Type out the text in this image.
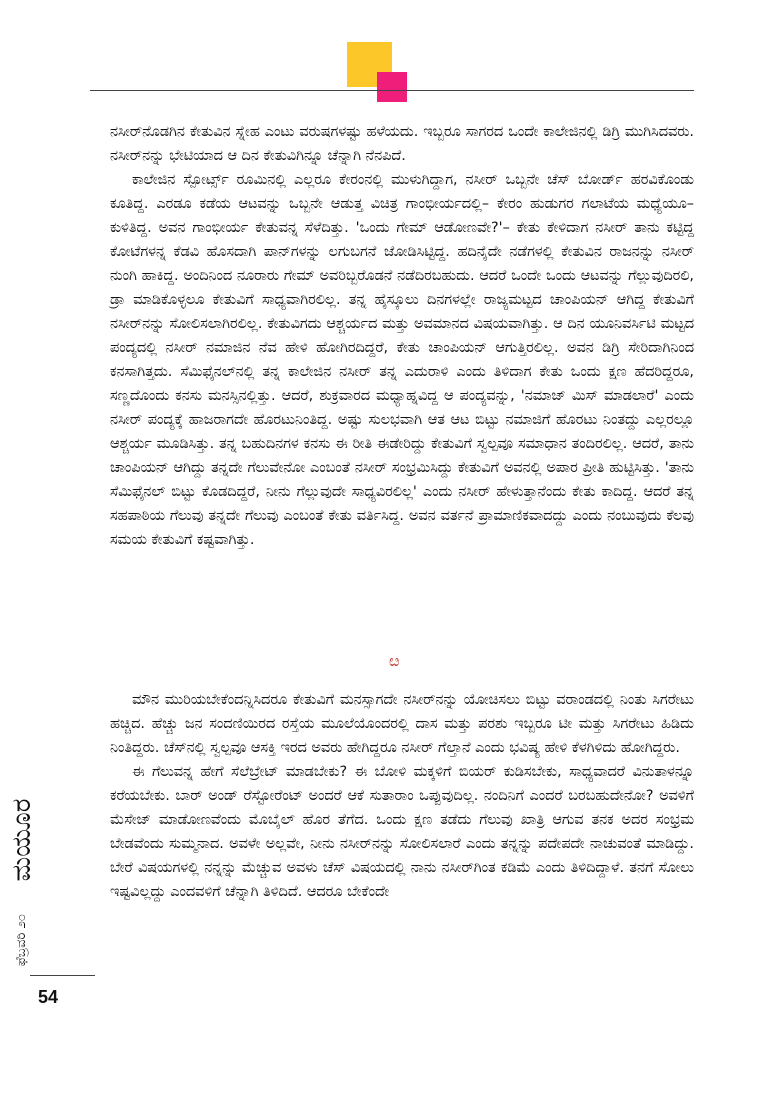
ನಸೀರ್‌ನೊಡಗಿನ ಕೇತುವಿನ ಸ್ನೇಹ ಎಂಟು ವರುಷಗಳಷ್ಟು ಹಳೆಯದು. ಇಬ್ಬರೂ ಸಾಗರದ ಒಂದೇ ಕಾಲೇಜಿನಲ್ಲಿ ಡಿಗ್ರಿ ಮುಗಿಸಿದವರು. ನಸೀರ್‌ನನ್ನು ಭೇಟಿಯಾದ ಆ ದಿನ ಕೇತುವಿಗಿನ್ನೂ ಚೆನ್ನಾಗಿ ನೆನಪಿದೆ.

ಕಾಲೇಜಿನ ಸ್ಪೋರ್ಟ್ಸ್ ರೂಮಿನಲ್ಲಿ ಎಲ್ಲರೂ ಕೇರಂನಲ್ಲಿ ಮುಳುಗಿದ್ದಾಗ, ನಸೀರ್ ಒಬ್ಬನೇ ಚೆಸ್ ಬೋರ್ಡ್ ಹರವಿಕೊಂಡು ಕೂತಿದ್ದ. ಎರಡೂ ಕಡೆಯ ಆಟವನ್ನು ಒಬ್ಬನೇ ಆಡುತ್ತ ವಿಚಿತ್ರ ಗಾಂಭೀರ್ಯದಲ್ಲಿ– ಕೇರಂ ಹುಡುಗರ ಗಲಾಟೆಯ ಮಧ್ಯೆಯೂ– ಕುಳಿತಿದ್ದ. ಅವನ ಗಾಂಭೀರ್ಯ ಕೇತುವನ್ನ ಸೆಳೆದಿತ್ತು. 'ಒಂದು ಗೇಮ್ ಆಡೋಣವೇ?'– ಕೇತು ಕೇಳಿದಾಗ ನಸೀರ್ ತಾನು ಕಟ್ಟಿದ್ದ ಕೋಟೆಗಳನ್ನ ಕೆಡವಿ ಹೊಸದಾಗಿ ಪಾನ್‌ಗಳನ್ನು ಲಗುಬಗನೆ ಜೋಡಿಸಿಟ್ಟಿದ್ದ. ಹದಿನೈದೇ ನಡೆಗಳಲ್ಲಿ ಕೇತುವಿನ ರಾಜನನ್ನು ನಸೀರ್ ನುಂಗಿ ಹಾಕಿದ್ದ. ಅಂದಿನಿಂದ ನೂರಾರು ಗೇಮ್ ಅವರಿಬ್ಬರೊಡನೆ ನಡೆದಿರಬಹುದು. ಆದರೆ ಒಂದೇ ಒಂದು ಆಟವನ್ನು ಗೆಲ್ಲುವುದಿರಲಿ, ಡ್ರಾ ಮಾಡಿಕೊಳ್ಳಲೂ ಕೇತುವಿಗೆ ಸಾಧ್ಯವಾಗಿರಲಿಲ್ಲ. ತನ್ನ ಹೈಸ್ಕೂಲು ದಿನಗಳಲ್ಲೇ ರಾಜ್ಯಮಟ್ಟದ ಚಾಂಪಿಯನ್ ಆಗಿದ್ದ ಕೇತುವಿಗೆ ನಸೀರ್‌ನನ್ನು ಸೋಲಿಸಲಾಗಿರಲಿಲ್ಲ. ಕೇತುವಿಗದು ಆಶ್ಚರ್ಯದ ಮತ್ತು ಅವಮಾನದ ವಿಷಯವಾಗಿತ್ತು. ಆ ದಿನ ಯೂನಿವರ್ಸಿಟಿ ಮಟ್ಟದ ಪಂದ್ಯದಲ್ಲಿ ನಸೀರ್ ನಮಾಜಿನ ನೆವ ಹೇಳಿ ಹೋಗಿರದಿದ್ದರೆ, ಕೇತು ಚಾಂಪಿಯನ್ ಆಗುತ್ತಿರಲಿಲ್ಲ. ಅವನ ಡಿಗ್ರಿ ಸೇರಿದಾಗಿನಿಂದ ಕನಸಾಗಿತ್ತದು. ಸೆಮಿಫೈನಲ್‌ನಲ್ಲಿ ತನ್ನ ಕಾಲೇಜಿನ ನಸೀರ್ ತನ್ನ ಎದುರಾಳಿ ಎಂದು ತಿಳಿದಾಗ ಕೇತು ಒಂದು ಕ್ಷಣ ಹೆದರಿದ್ದರೂ, ಸಣ್ಣದೊಂದು ಕನಸು ಮನಸ್ಸಿನಲ್ಲಿತ್ತು. ಆದರೆ, ಶುಕ್ರವಾರದ ಮಧ್ಯಾಹ್ನವಿದ್ದ ಆ ಪಂದ್ಯವನ್ನು, 'ನಮಾಜ್ ಮಿಸ್ ಮಾಡಲಾರೆ' ಎಂದು ನಸೀರ್ ಪಂದ್ಯಕ್ಕೆ ಹಾಜರಾಗದೇ ಹೊರಟುನಿಂತಿದ್ದ. ಅಷ್ಟು ಸುಲಭವಾಗಿ ಆತ ಆಟ ಬಿಟ್ಟು ನಮಾಜಿಗೆ ಹೊರಟು ನಿಂತದ್ದು ಎಲ್ಲರಲ್ಲೂ ಆಶ್ಚರ್ಯ ಮೂಡಿಸಿತ್ತು. ತನ್ನ ಬಹುದಿನಗಳ ಕನಸು ಈ ರೀತಿ ಈಡೇರಿದ್ದು ಕೇತುವಿಗೆ ಸ್ವಲ್ಪವೂ ಸಮಾಧಾನ ತಂದಿರಲಿಲ್ಲ. ಆದರೆ, ತಾನು ಚಾಂಪಿಯನ್ ಆಗಿದ್ದು ತನ್ನದೇ ಗೆಲುವೇನೋ ಎಂಬಂತೆ ನಸೀರ್ ಸಂಭ್ರಮಿಸಿದ್ದು ಕೇತುವಿಗೆ ಅವನಲ್ಲಿ ಅಪಾರ ಪ್ರೀತಿ ಹುಟ್ಟಿಸಿತ್ತು. 'ತಾನು ಸೆಮಿಫೈನಲ್ ಬಿಟ್ಟು ಕೊಡದಿದ್ದರೆ, ನೀನು ಗೆಲ್ಲುವುದೇ ಸಾಧ್ಯವಿರಲಿಲ್ಲ' ಎಂದು ನಸೀರ್ ಹೇಳುತ್ತಾನೆಂದು ಕೇತು ಕಾದಿದ್ದ. ಆದರೆ ತನ್ನ ಸಹಪಾಠಿಯ ಗೆಲುವು ತನ್ನದೇ ಗೆಲುವು ಎಂಬಂತೆ ಕೇತು ವರ್ತಿಸಿದ್ದ. ಅವನ ವರ್ತನೆ ಪ್ರಾಮಾಣಿಕವಾದದ್ದು ಎಂದು ನಂಬುವುದು ಕೆಲವು ಸಮಯ ಕೇತುವಿಗೆ ಕಷ್ಟವಾಗಿತ್ತು.

ೞ

ಮೌನ ಮುರಿಯಬೇಕೆಂದನ್ನಿಸಿದರೂ ಕೇತುವಿಗೆ ಮನಸ್ಸಾಗದೇ ನಸೀರ್‌ನನ್ನು ಯೋಚಿಸಲು ಬಿಟ್ಟು ವರಾಂಡದಲ್ಲಿ ನಿಂತು ಸಿಗರೇಟು ಹಚ್ಚಿದ. ಹೆಚ್ಚು ಜನ ಸಂದಣಿಯಿರದ ರಸ್ತೆಯ ಮೂಲೆಯೊಂದರಲ್ಲಿ ದಾಸ ಮತ್ತು ಪರಶು ಇಬ್ಬರೂ ಟೀ ಮತ್ತು ಸಿಗರೇಟು ಹಿಡಿದು ನಿಂತಿದ್ದರು. ಚೆಸ್‌ನಲ್ಲಿ ಸ್ವಲ್ಪವೂ ಆಸಕ್ತಿ ಇರದ ಅವರು ಹೇಗಿದ್ದರೂ ನಸೀರ್ ಗೆಲ್ತಾನೆ ಎಂದು ಭವಿಷ್ಯ ಹೇಳಿ ಕೆಳಗಿಳಿದು ಹೋಗಿದ್ದರು.

ಈ ಗೆಲುವನ್ನ ಹೇಗೆ ಸೆಲೆಬ್ರೇಟ್ ಮಾಡಬೇಕು? ಈ ಬೋಳಿ ಮಕ್ಕಳಿಗೆ ಬಿಯರ್ ಕುಡಿಸಬೇಕು, ಸಾಧ್ಯವಾದರೆ ವಿನುತಾಳನ್ನೂ ಕರೆಯಬೇಕು. ಬಾರ್ ಅಂಡ್ ರೆಸ್ಟೋರೆಂಟ್ ಅಂದರೆ ಆಕೆ ಸುತಾರಾಂ ಒಪ್ಪುವುದಿಲ್ಲ. ನಂದಿನಿಗೆ ಎಂದರೆ ಬರಬಹುದೇನೋ? ಅವಳಿಗೆ ಮೆಸೇಜ್ ಮಾಡೋಣವೆಂದು ಮೊಬೈಲ್ ಹೊರ ತೆಗೆದ. ಒಂದು ಕ್ಷಣ ತಡೆದು ಗೆಲುವು ಖಾತ್ರಿ ಆಗುವ ತನಕ ಅದರ ಸಂಭ್ರಮ ಬೇಡವೆಂದು ಸುಮ್ಮನಾದ. ಅವಳೇ ಅಲ್ಲವೇ, ನೀನು ನಸೀರ್‌ನನ್ನು ಸೋಲಿಸಲಾರೆ ಎಂದು ತನ್ನನ್ನು ಪದೇಪದೇ ನಾಚುವಂತೆ ಮಾಡಿದ್ದು. ಬೇರೆ ವಿಷಯಗಳಲ್ಲಿ ನನ್ನನ್ನು ಮೆಚ್ಚುವ ಅವಳು ಚೆಸ್ ವಿಷಯದಲ್ಲಿ ನಾನು ನಸೀರ್‌ಗಿಂತ ಕಡಿಮೆ ಎಂದು ತಿಳಿದಿದ್ದಾಳೆ. ತನಗೆ ಸೋಲು ಇಷ್ಟವಿಲ್ಲದ್ದು ಎಂದವಳಿಗೆ ಚೆನ್ನಾಗಿ ತಿಳಿದಿದೆ. ಆದರೂ ಬೇಕೆಂದೇ

ಮಯೂರ
ಫೆಬ್ರವರಿ ೨೦
54
